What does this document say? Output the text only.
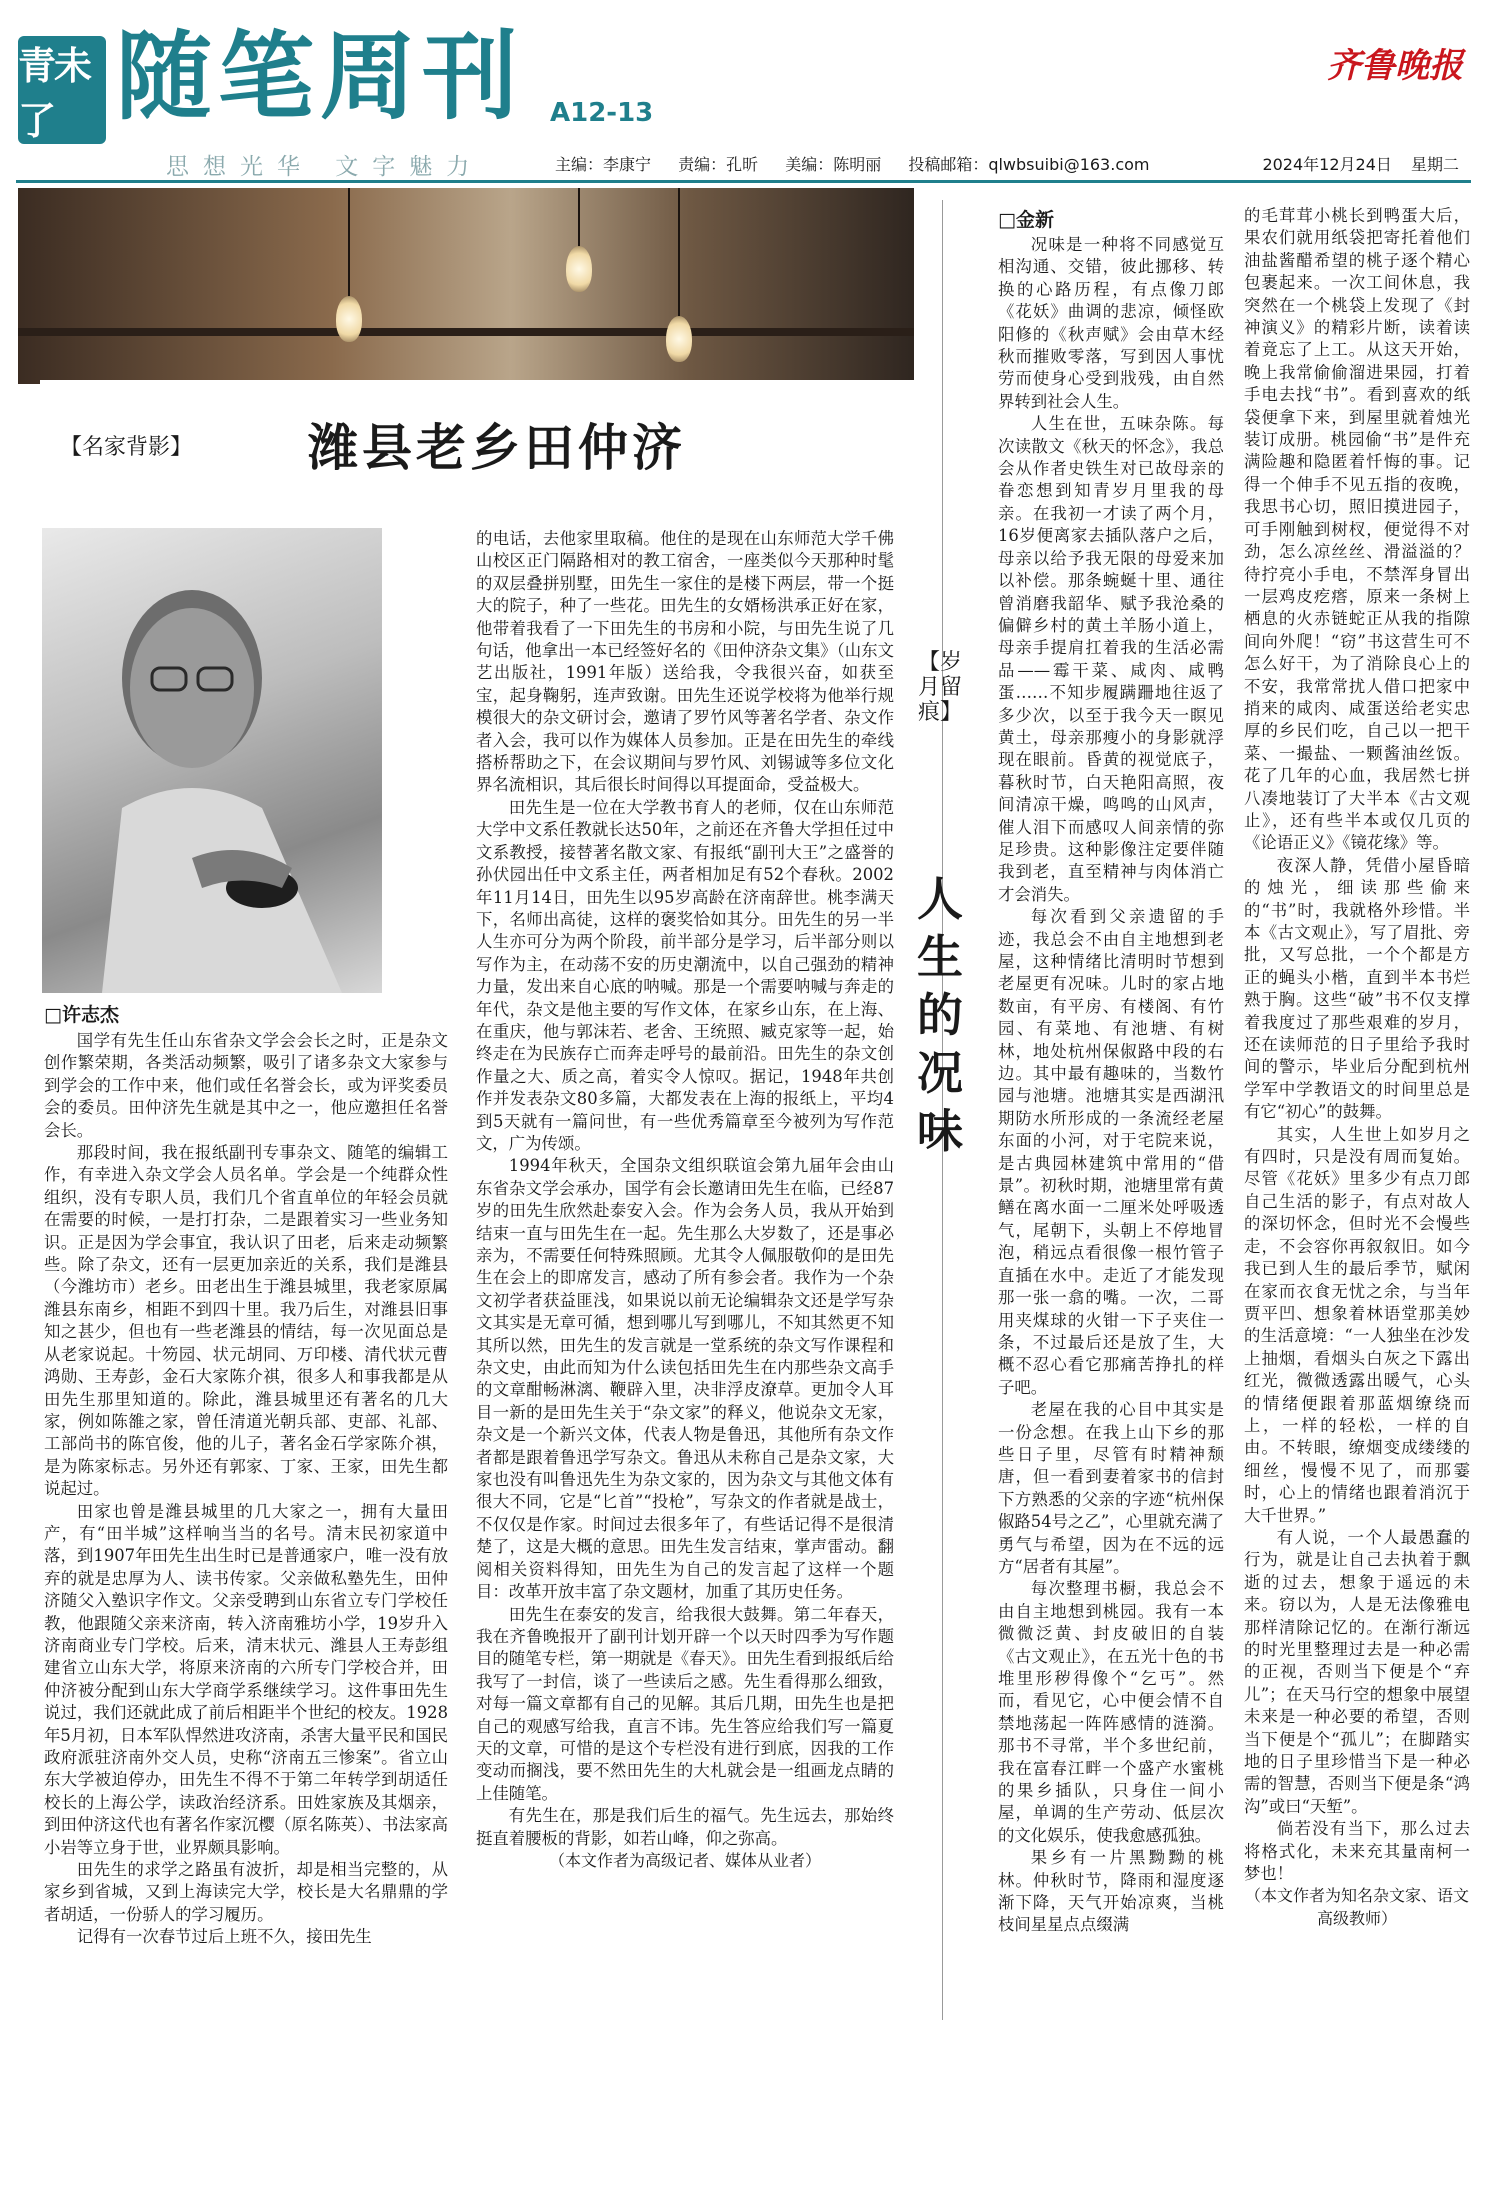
青未了 随笔周刊 A12-13
思想光华 文字魅力
齐鲁晚报
主编：李康宁 责编：孔昕 美编：陈明丽 投稿邮箱：qlwbsuibi@163.com	2024年12月24日 星期二
【名家背影】 潍县老乡田仲济
□许志杰

国学有先生任山东省杂文学会会长之时，正是杂文创作繁荣期，各类活动频繁，吸引了诸多杂文大家参与到学会的工作中来，他们或任名誉会长，或为评奖委员会的委员。田仲济先生就是其中之一，他应邀担任名誉会长。

那段时间，我在报纸副刊专事杂文、随笔的编辑工作，有幸进入杂文学会人员名单。学会是一个纯群众性组织，没有专职人员，我们几个省直单位的年轻会员就在需要的时候，一是打打杂，二是跟着实习一些业务知识。正是因为学会事宜，我认识了田老，后来走动频繁些。除了杂文，还有一层更加亲近的关系，我们是潍县（今潍坊市）老乡。田老出生于潍县城里，我老家原属潍县东南乡，相距不到四十里。我乃后生，对潍县旧事知之甚少，但也有一些老潍县的情结，每一次见面总是从老家说起。十笏园、状元胡同、万印楼、清代状元曹鸿勋、王寿彭，金石大家陈介祺，很多人和事我都是从田先生那里知道的。除此，潍县城里还有著名的几大家，例如陈雒之家，曾任清道光朝兵部、吏部、礼部、工部尚书的陈官俊，他的儿子，著名金石学家陈介祺，是为陈家标志。另外还有郭家、丁家、王家，田先生都说起过。

田家也曾是潍县城里的几大家之一，拥有大量田产，有“田半城”这样响当当的名号。清末民初家道中落，到1907年田先生出生时已是普通家户，唯一没有放弃的就是忠厚为人、读书传家。父亲做私塾先生，田仲济随父入塾识字作文。父亲受聘到山东省立专门学校任教，他跟随父亲来济南，转入济南雅坊小学，19岁升入济南商业专门学校。后来，清末状元、潍县人王寿彭组建省立山东大学，将原来济南的六所专门学校合并，田仲济被分配到山东大学商学系继续学习。这件事田先生说过，我们还就此成了前后相距半个世纪的校友。1928年5月初，日本军队悍然进攻济南，杀害大量平民和国民政府派驻济南外交人员，史称“济南五三惨案”。省立山东大学被迫停办，田先生不得不于第二年转学到胡适任校长的上海公学，读政治经济系。田姓家族及其烟亲，到田仲济这代也有著名作家沉樱（原名陈英）、书法家高小岩等立身于世，业界颇具影响。

田先生的求学之路虽有波折，却是相当完整的，从家乡到省城，又到上海读完大学，校长是大名鼎鼎的学者胡适，一份骄人的学习履历。

记得有一次春节过后上班不久，接田先生

的电话，去他家里取稿。他住的是现在山东师范大学千佛山校区正门隔路相对的教工宿舍，一座类似今天那种时髦的双层叠拼别墅，田先生一家住的是楼下两层，带一个挺大的院子，种了一些花。田先生的女婿杨洪承正好在家，他带着我看了一下田先生的书房和小院，与田先生说了几句话，他拿出一本已经签好名的《田仲济杂文集》（山东文艺出版社，1991年版）送给我，令我很兴奋，如获至宝，起身鞠躬，连声致谢。田先生还说学校将为他举行规模很大的杂文研讨会，邀请了罗竹风等著名学者、杂文作者入会，我可以作为媒体人员参加。正是在田先生的牵线搭桥帮助之下，在会议期间与罗竹风、刘锡诚等多位文化界名流相识，其后很长时间得以耳提面命，受益极大。

田先生是一位在大学教书育人的老师，仅在山东师范大学中文系任教就长达50年，之前还在齐鲁大学担任过中文系教授，接替著名散文家、有报纸“副刊大王”之盛誉的孙伏园出任中文系主任，两者相加足有52个春秋。2002年11月14日，田先生以95岁高龄在济南辞世。桃李满天下，名师出高徒，这样的褒奖恰如其分。田先生的另一半人生亦可分为两个阶段，前半部分是学习，后半部分则以写作为主，在动荡不安的历史潮流中，以自己强劲的精神力量，发出来自心底的呐喊。那是一个需要呐喊与奔走的年代，杂文是他主要的写作文体，在家乡山东，在上海、在重庆，他与郭沫若、老舍、王统照、臧克家等一起，始终走在为民族存亡而奔走呼号的最前沿。田先生的杂文创作量之大、质之高，着实令人惊叹。据记，1948年共创作并发表杂文80多篇，大都发表在上海的报纸上，平均4到5天就有一篇问世，有一些优秀篇章至今被列为写作范文，广为传颂。

1994年秋天，全国杂文组织联谊会第九届年会由山东省杂文学会承办，国学有会长邀请田先生在临，已经87岁的田先生欣然赴泰安入会。作为会务人员，我从开始到结束一直与田先生在一起。先生那么大岁数了，还是事必亲为，不需要任何特殊照顾。尤其令人佩服敬仰的是田先生在会上的即席发言，感动了所有参会者。我作为一个杂文初学者获益匪浅，如果说以前无论编辑杂文还是学写杂文其实是无章可循，想到哪儿写到哪儿，不知其然更不知其所以然，田先生的发言就是一堂系统的杂文写作课程和杂文史，由此而知为什么读包括田先生在内那些杂文高手的文章酣畅淋漓、鞭辟入里，决非浮皮潦草。更加令人耳目一新的是田先生关于“杂文家”的释义，他说杂文无家，杂文是一个新兴文体，代表人物是鲁迅，其他所有杂文作者都是跟着鲁迅学写杂文。鲁迅从未称自己是杂文家，大家也没有叫鲁迅先生为杂文家的，因为杂文与其他文体有很大不同，它是“匕首”“投枪”，写杂文的作者就是战士，不仅仅是作家。时间过去很多年了，有些话记得不是很清楚了，这是大概的意思。田先生发言结束，掌声雷动。翻阅相关资料得知，田先生为自己的发言起了这样一个题目：改革开放丰富了杂文题材，加重了其历史任务。

田先生在泰安的发言，给我很大鼓舞。第二年春天，我在齐鲁晚报开了副刊计划开辟一个以天时四季为写作题目的随笔专栏，第一期就是《春天》。田先生看到报纸后给我写了一封信，谈了一些读后之感。先生看得那么细致，对每一篇文章都有自己的见解。其后几期，田先生也是把自己的观感写给我，直言不讳。先生答应给我们写一篇夏天的文章，可惜的是这个专栏没有进行到底，因我的工作变动而搁浅，要不然田先生的大札就会是一组画龙点睛的上佳随笔。

有先生在，那是我们后生的福气。先生远去，那始终挺直着腰板的背影，如若山峰，仰之弥高。

（本文作者为高级记者、媒体从业者）
【岁月留痕】
人生的况味
□金新

况味是一种将不同感觉互相沟通、交错，彼此挪移、转换的心路历程，有点像刀郎《花妖》曲调的悲凉，倾怪欧阳修的《秋声赋》会由草木经秋而摧败零落，写到因人事忧劳而使身心受到戕残，由自然界转到社会人生。

人生在世，五味杂陈。每次读散文《秋天的怀念》，我总会从作者史铁生对已故母亲的眷恋想到知青岁月里我的母亲。在我初一才读了两个月，16岁便离家去插队落户之后，母亲以给予我无限的母爱来加以补偿。那条蜿蜒十里、通往曾消磨我韶华、赋予我沧桑的偏僻乡村的黄土羊肠小道上，母亲手提肩扛着我的生活必需品——霉干菜、咸肉、咸鸭蛋……不知步履蹒跚地往返了多少次，以至于我今天一瞑见黄土，母亲那瘦小的身影就浮现在眼前。昏黄的视觉底子，暮秋时节，白天艳阳高照，夜间清凉干燥，鸣鸣的山风声，催人泪下而感叹人间亲情的弥足珍贵。这种影像注定要伴随我到老，直至精神与肉体消亡才会消失。

每次看到父亲遗留的手迹，我总会不由自主地想到老屋，这种情绪比清明时节想到老屋更有况味。儿时的家占地数亩，有平房、有楼阁、有竹园、有菜地、有池塘、有树林，地处杭州保俶路中段的右边。其中最有趣味的，当数竹园与池塘。池塘其实是西湖汛期防水所形成的一条流经老屋东面的小河，对于宅院来说，是古典园林建筑中常用的“借景”。初秋时期，池塘里常有黄鳝在离水面一二厘米处呼吸透气，尾朝下，头朝上不停地冒泡，稍远点看很像一根竹管子直插在水中。走近了才能发现那一张一翕的嘴。一次，二哥用夹煤球的火钳一下子夹住一条，不过最后还是放了生，大概不忍心看它那痛苦挣扎的样子吧。

老屋在我的心目中其实是一份念想。在我上山下乡的那些日子里，尽管有时精神颓唐，但一看到妻着家书的信封下方熟悉的父亲的字迹“杭州保俶路54号之乙”，心里就充满了勇气与希望，因为在不远的远方“居者有其屋”。

每次整理书橱，我总会不由自主地想到桃园。我有一本微微泛黄、封皮破旧的自装《古文观止》，在五光十色的书堆里形秽得像个“乞丐”。然而，看见它，心中便会情不自禁地荡起一阵阵感情的涟漪。那书不寻常，半个多世纪前，我在富春江畔一个盛产水蜜桃的果乡插队，只身住一间小屋，单调的生产劳动、低层次的文化娱乐，使我愈感孤独。

果乡有一片黑黝黝的桃林。仲秋时节，降雨和湿度逐渐下降，天气开始凉爽，当桃枝间星星点点缀满

的毛茸茸小桃长到鸭蛋大后，果农们就用纸袋把寄托着他们油盐酱醋希望的桃子逐个精心包裹起来。一次工间休息，我突然在一个桃袋上发现了《封神演义》的精彩片断，读着读着竟忘了上工。从这天开始，晚上我常偷偷溜进果园，打着手电去找“书”。看到喜欢的纸袋便拿下来，到屋里就着烛光装订成册。桃园偷“书”是件充满险趣和隐匿着忏悔的事。记得一个伸手不见五指的夜晚，我思书心切，照旧摸进园子，可手刚触到树杈，便觉得不对劲，怎么凉丝丝、滑溢溢的？待拧亮小手电，不禁浑身冒出一层鸡皮疙瘩，原来一条树上栖息的火赤链蛇正从我的指隙间向外爬！“窃”书这营生可不怎么好干，为了消除良心上的不安，我常常扰人借口把家中捎来的咸肉、咸蛋送给老实忠厚的乡民们吃，自己以一把干菜、一撮盐、一颗酱油丝饭。花了几年的心血，我居然七拼八凑地装订了大半本《古文观止》，还有些半本或仅几页的《论语正义》《镜花缘》等。

夜深人静，凭借小屋昏暗的烛光，细读那些偷来的“书”时，我就格外珍惜。半本《古文观止》，写了眉批、旁批，又写总批，一个个都是方正的蝇头小楷，直到半本书烂熟于胸。这些“破”书不仅支撑着我度过了那些艰难的岁月，还在读师范的日子里给予我时间的警示，毕业后分配到杭州学军中学教语文的时间里总是有它“初心”的鼓舞。

其实，人生世上如岁月之有四时，只是没有周而复始。尽管《花妖》里多少有点刀郎自己生活的影子，有点对故人的深切怀念，但时光不会慢些走，不会容你再叙叙旧。如今我已到人生的最后季节，赋闲在家而衣食无忧之余，与当年贾平凹、想象着林语堂那美妙的生活意境：“一人独坐在沙发上抽烟，看烟头白灰之下露出红光，微微透露出暖气，心头的情绪便跟着那蓝烟缭绕而上，一样的轻松，一样的自由。不转眼，缭烟变成缕缕的细丝，慢慢不见了，而那霎时，心上的情绪也跟着消沉于大千世界。”

有人说，一个人最愚蠢的行为，就是让自己去执着于飘逝的过去，想象于遥远的未来。窃以为，人是无法像雅电那样清除记忆的。在渐行渐远的时光里整理过去是一种必需的正视，否则当下便是个“弃儿”；在天马行空的想象中展望未来是一种必要的希望，否则当下便是个“孤儿”；在脚踏实地的日子里珍惜当下是一种必需的智慧，否则当下便是条“鸿沟”或曰“天堑”。

倘若没有当下，那么过去将格式化，未来充其量南柯一梦也！

（本文作者为知名杂文家、语文高级教师）
